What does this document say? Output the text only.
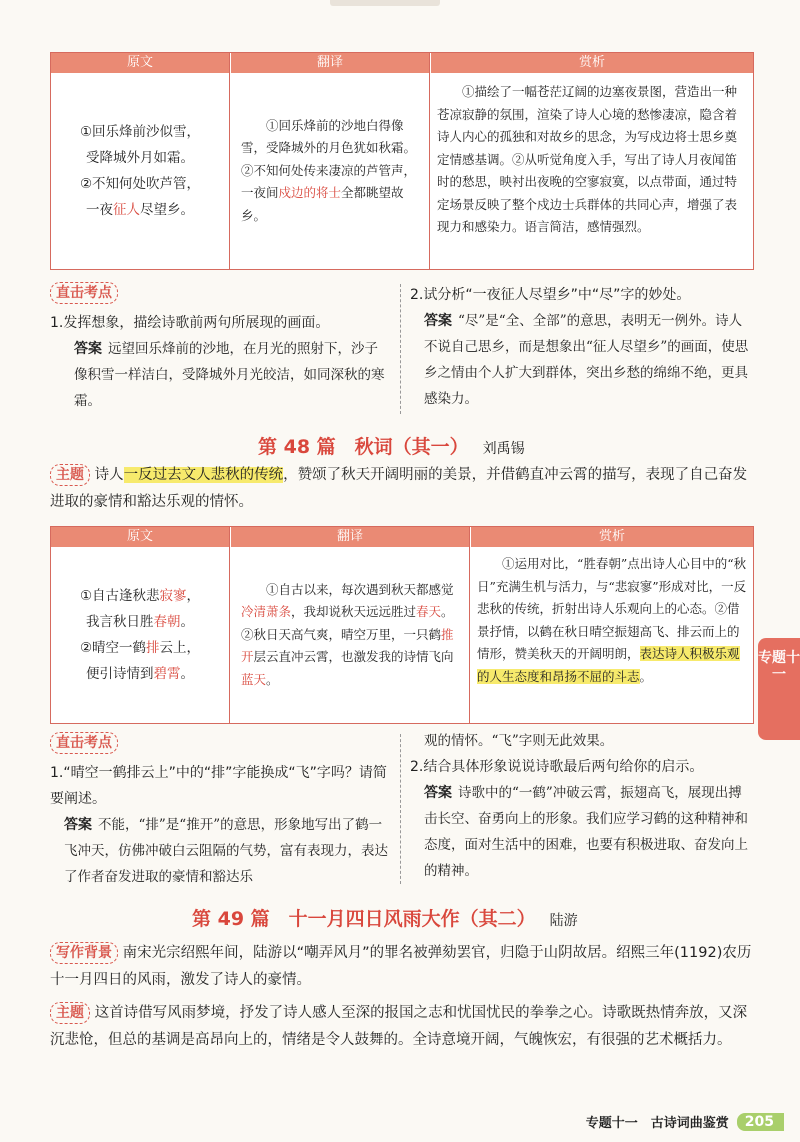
原文
①回乐烽前沙似雪，
受降城外月如霜。
②不知何处吹芦管，
一夜征人尽望乡。
翻译
①回乐烽前的沙地白得像雪，受降城外的月色犹如秋霜。②不知何处传来凄凉的芦管声，一夜间戍边的将士全都眺望故乡。
赏析
①描绘了一幅苍茫辽阔的边塞夜景图，营造出一种苍凉寂静的氛围，渲染了诗人心境的愁惨凄凉，隐含着诗人内心的孤独和对故乡的思念，为写戍边将士思乡奠定情感基调。②从听觉角度入手，写出了诗人月夜闻笛时的愁思，映衬出夜晚的空寥寂寞，以点带面，通过特定场景反映了整个戍边士兵群体的共同心声，增强了表现力和感染力。语言简洁，感情强烈。
直击考点
1.发挥想象，描绘诗歌前两句所展现的画面。
答案 远望回乐烽前的沙地，在月光的照射下，沙子像积雪一样洁白，受降城外月光皎洁，如同深秋的寒霜。
2.试分析“一夜征人尽望乡”中“尽”字的妙处。
答案 “尽”是“全、全部”的意思，表明无一例外。诗人不说自己思乡，而是想象出“征人尽望乡”的画面，使思乡之情由个人扩大到群体，突出乡愁的绵绵不绝，更具感染力。
第 48 篇　秋词（其一） 刘禹锡
主题 诗人一反过去文人悲秋的传统，赞颂了秋天开阔明丽的美景，并借鹤直冲云霄的描写，表现了自己奋发进取的豪情和豁达乐观的情怀。
原文
①自古逢秋悲寂寥，
我言秋日胜春朝。
②晴空一鹤排云上，
便引诗情到碧霄。
翻译
①自古以来，每次遇到秋天都感觉冷清萧条，我却说秋天远远胜过春天。②秋日天高气爽，晴空万里，一只鹤推开层云直冲云霄，也激发我的诗情飞向蓝天。
赏析
①运用对比，“胜春朝”点出诗人心目中的“秋日”充满生机与活力，与“悲寂寥”形成对比，一反悲秋的传统，折射出诗人乐观向上的心态。②借景抒情，以鹤在秋日晴空振翅高飞、排云而上的情形，赞美秋天的开阔明朗，表达诗人积极乐观的人生态度和昂扬不屈的斗志。
直击考点
1.“晴空一鹤排云上”中的“排”字能换成“飞”字吗？请简要阐述。
答案 不能，“排”是“推开”的意思，形象地写出了鹤一飞冲天，仿佛冲破白云阻隔的气势，富有表现力，表达了作者奋发进取的豪情和豁达乐
观的情怀。“飞”字则无此效果。
2.结合具体形象说说诗歌最后两句给你的启示。
答案 诗歌中的“一鹤”冲破云霄，振翅高飞，展现出搏击长空、奋勇向上的形象。我们应学习鹤的这种精神和态度，面对生活中的困难，也要有积极进取、奋发向上的精神。
第 49 篇　十一月四日风雨大作（其二） 陆游
写作背景 南宋光宗绍熙年间，陆游以“嘲弄风月”的罪名被弹劾罢官，归隐于山阴故居。绍熙三年(1192)农历十一月四日的风雨，激发了诗人的豪情。
主题 这首诗借写风雨梦境，抒发了诗人感人至深的报国之志和忧国忧民的拳拳之心。诗歌既热情奔放，又深沉悲怆，但总的基调是高昂向上的，情绪是令人鼓舞的。全诗意境开阔，气魄恢宏，有很强的艺术概括力。
专题十一
专题十一　古诗词曲鉴赏	205
